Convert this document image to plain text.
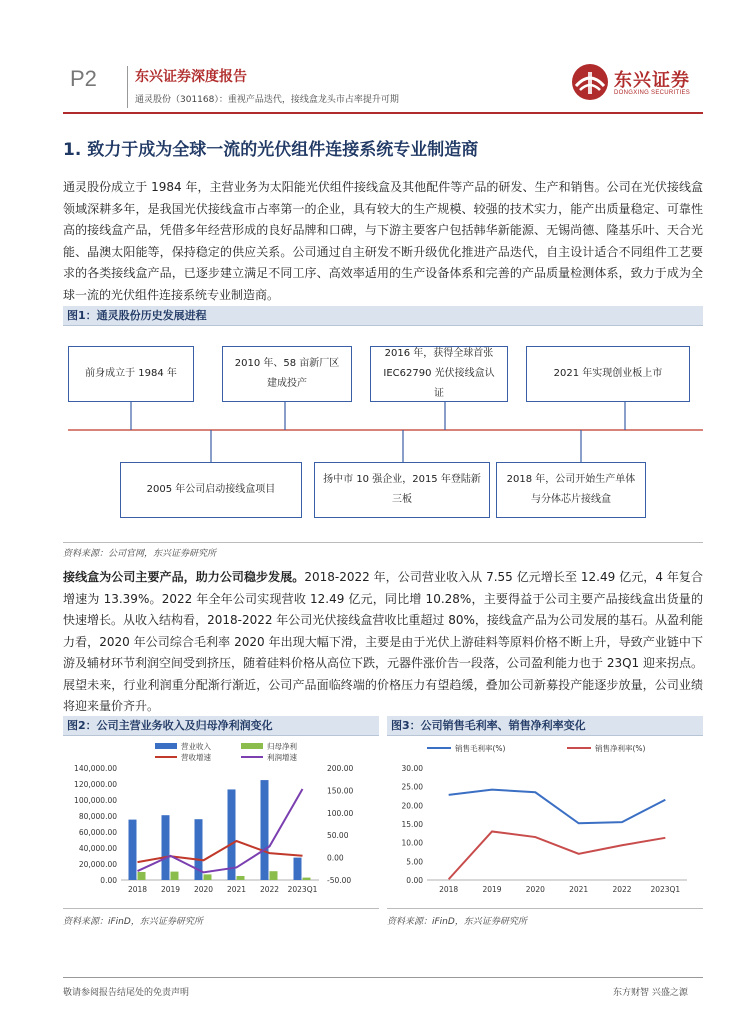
P2	东兴证券深度报告
通灵股份（301168）：重视产品迭代，接线盒龙头市占率提升可期
东兴证券
DONGXING SECURITIES
1. 致力于成为全球一流的光伏组件连接系统专业制造商
通灵股份成立于 1984 年，主营业务为太阳能光伏组件接线盒及其他配件等产品的研发、生产和销售。公司在光伏接线盒领域深耕多年，是我国光伏接线盒市占率第一的企业，具有较大的生产规模、较强的技术实力，能产出质量稳定、可靠性高的接线盒产品，凭借多年经营形成的良好品牌和口碑，与下游主要客户包括韩华新能源、无锡尚德、隆基乐叶、天合光能、晶澳太阳能等，保持稳定的供应关系。公司通过自主研发不断升级优化推进产品迭代，自主设计适合不同组件工艺要求的各类接线盒产品，已逐步建立满足不同工序、高效率适用的生产设备体系和完善的产品质量检测体系，致力于成为全球一流的光伏组件连接系统专业制造商。
图1：通灵股份历史发展进程
前身成立于 1984 年
2010 年、58 亩新厂区建成投产
2016 年，获得全球首张 IEC62790 光伏接线盒认证
2021 年实现创业板上市
2005 年公司启动接线盒项目
扬中市 10 强企业，2015 年登陆新三板
2018 年，公司开始生产单体与分体芯片接线盒
资料来源：公司官网，东兴证券研究所
接线盒为公司主要产品，助力公司稳步发展。2018-2022 年，公司营业收入从 7.55 亿元增长至 12.49 亿元，4 年复合增速为 13.39%。2022 年全年公司实现营收 12.49 亿元，同比增 10.28%，主要得益于公司主要产品接线盒出货量的快速增长。从收入结构看，2018-2022 年公司光伏接线盒营收比重超过 80%，接线盒产品为公司发展的基石。从盈利能力看，2020 年公司综合毛利率 2020 年出现大幅下滑，主要是由于光伏上游硅料等原料价格不断上升，导致产业链中下游及辅材环节利润空间受到挤压，随着硅料价格从高位下跌，元器件涨价告一段落，公司盈利能力也于 23Q1 迎来拐点。展望未来，行业利润重分配渐行渐近，公司产品面临终端的价格压力有望趋缓，叠加公司新募投产能逐步放量，公司业绩将迎来量价齐升。
图2：公司主营业务收入及归母净利润变化	图3：公司销售毛利率、销售净利率变化
0.00
20,000.00
40,000.00
60,000.00
80,000.00
100,000.00
120,000.00
140,000.00
-50.00
0.00
50.00
100.00
150.00
200.00
2018 2019 2020 2021 2022 2023Q1
营业收入	归母净利
营收增速	利润增速
0.00
5.00
10.00
15.00
20.00
25.00
30.00
2018	2019	2020	2021	2022	2023Q1
销售毛利率(%)	销售净利率(%)
资料来源：iFinD，东兴证券研究所	资料来源：iFinD，东兴证券研究所
敬请参阅报告结尾处的免责声明	东方财智 兴盛之源
